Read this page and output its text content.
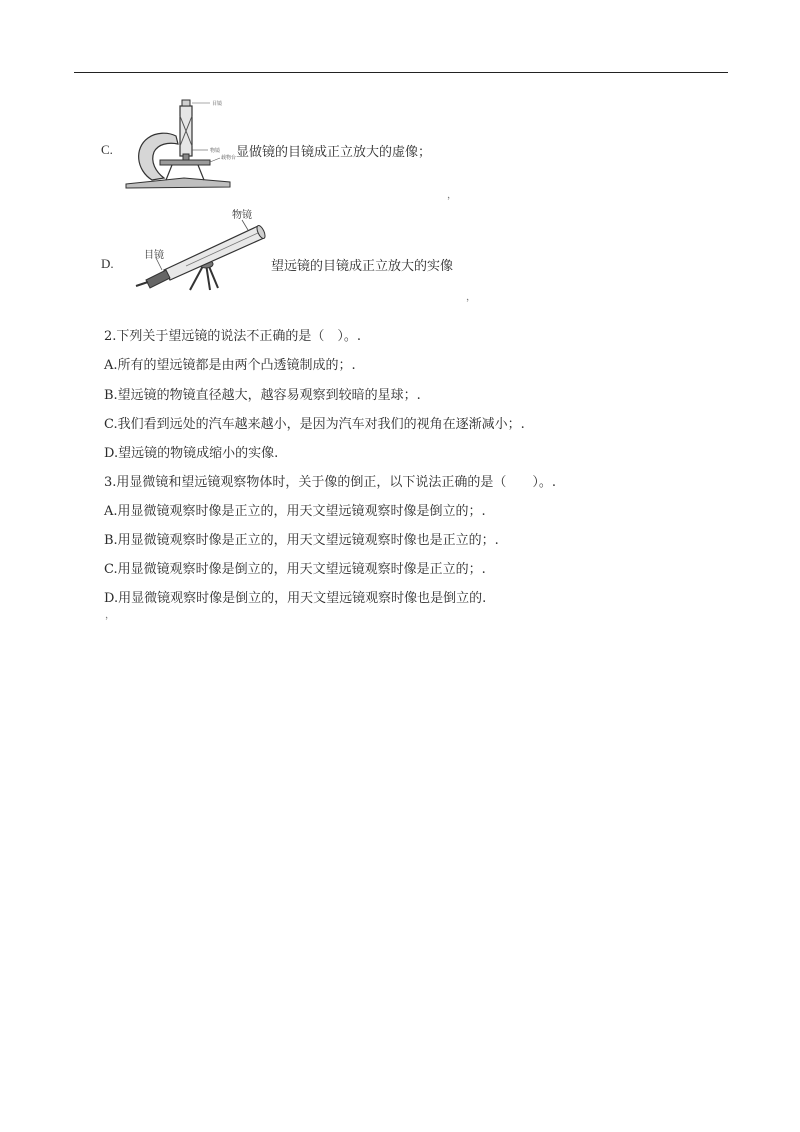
C.
目镜
物镜
载物台 显做镜的目镜成正立放大的虚像；
，
D.
物镜
目镜
望远镜的目镜成正立放大的实像
，
2.下列关于望远镜的说法不正确的是（　）。.
A.所有的望远镜都是由两个凸透镜制成的；.
B.望远镜的物镜直径越大，越容易观察到较暗的星球；.
C.我们看到远处的汽车越来越小，是因为汽车对我们的视角在逐渐减小；.
D.望远镜的物镜成缩小的实像.
3.用显微镜和望远镜观察物体时，关于像的倒正，以下说法正确的是（　　）。.
A.用显微镜观察时像是正立的，用天文望远镜观察时像是倒立的；.
B.用显微镜观察时像是正立的，用天文望远镜观察时像也是正立的；.
C.用显微镜观察时像是倒立的，用天文望远镜观察时像是正立的；.
D.用显微镜观察时像是倒立的，用天文望远镜观察时像也是倒立的.
，
